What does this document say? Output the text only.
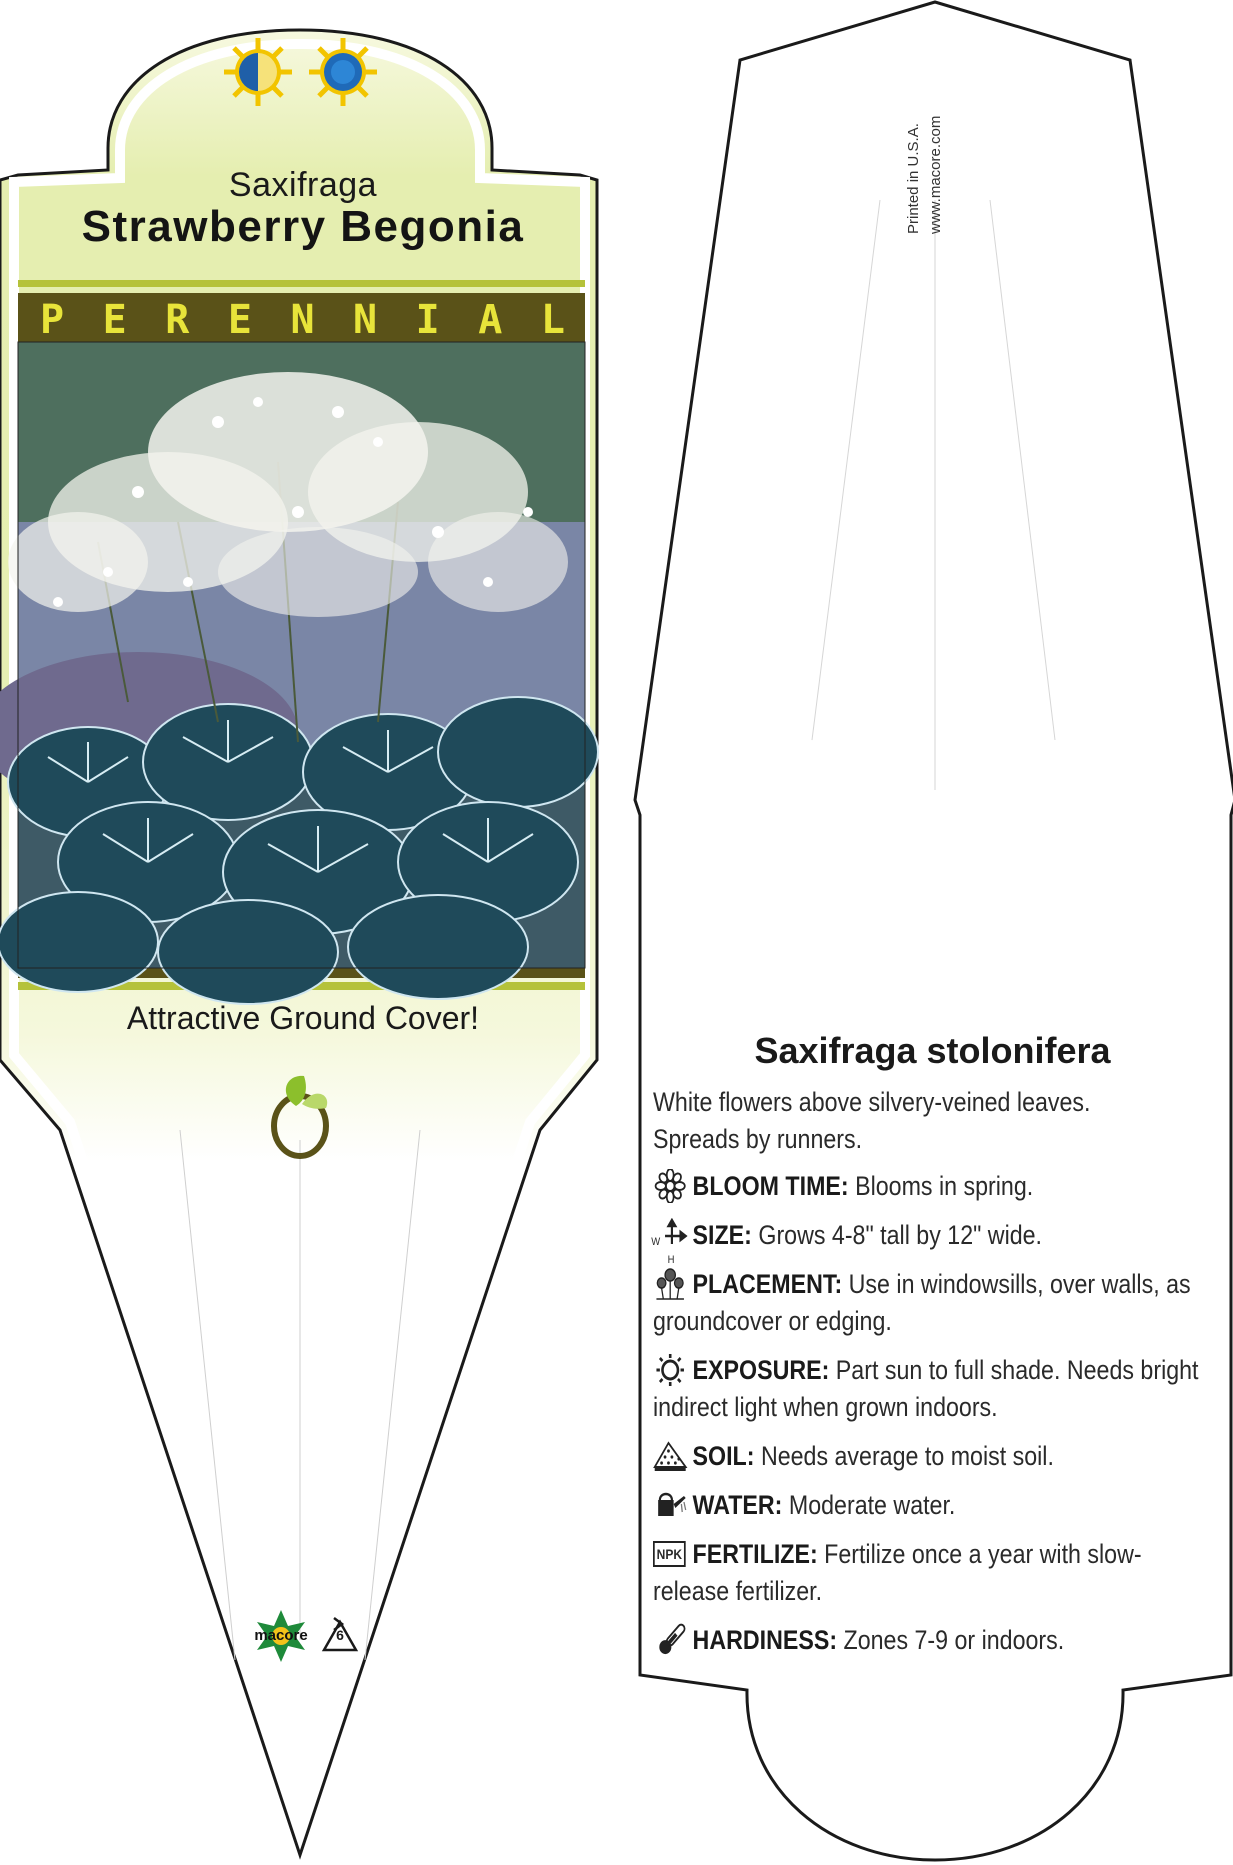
Saxifraga
Strawberry Begonia
P E R E N N I A L
Attractive Ground Cover!
macore	6
Printed in U.S.A. www.macore.com
Saxifraga stolonifera
White flowers above silvery-veined leaves. Spreads by runners.
BLOOM TIME: Blooms in spring.
W
H
SIZE: Grows 4-8" tall by 12" wide.
PLACEMENT: Use in windowsills, over walls, as groundcover or edging.
EXPOSURE: Part sun to full shade. Needs bright indirect light when grown indoors.
SOIL: Needs average to moist soil.
WATER: Moderate water.
NPK FERTILIZE: Fertilize once a year with slow-release fertilizer.
HARDINESS: Zones 7-9 or indoors.
